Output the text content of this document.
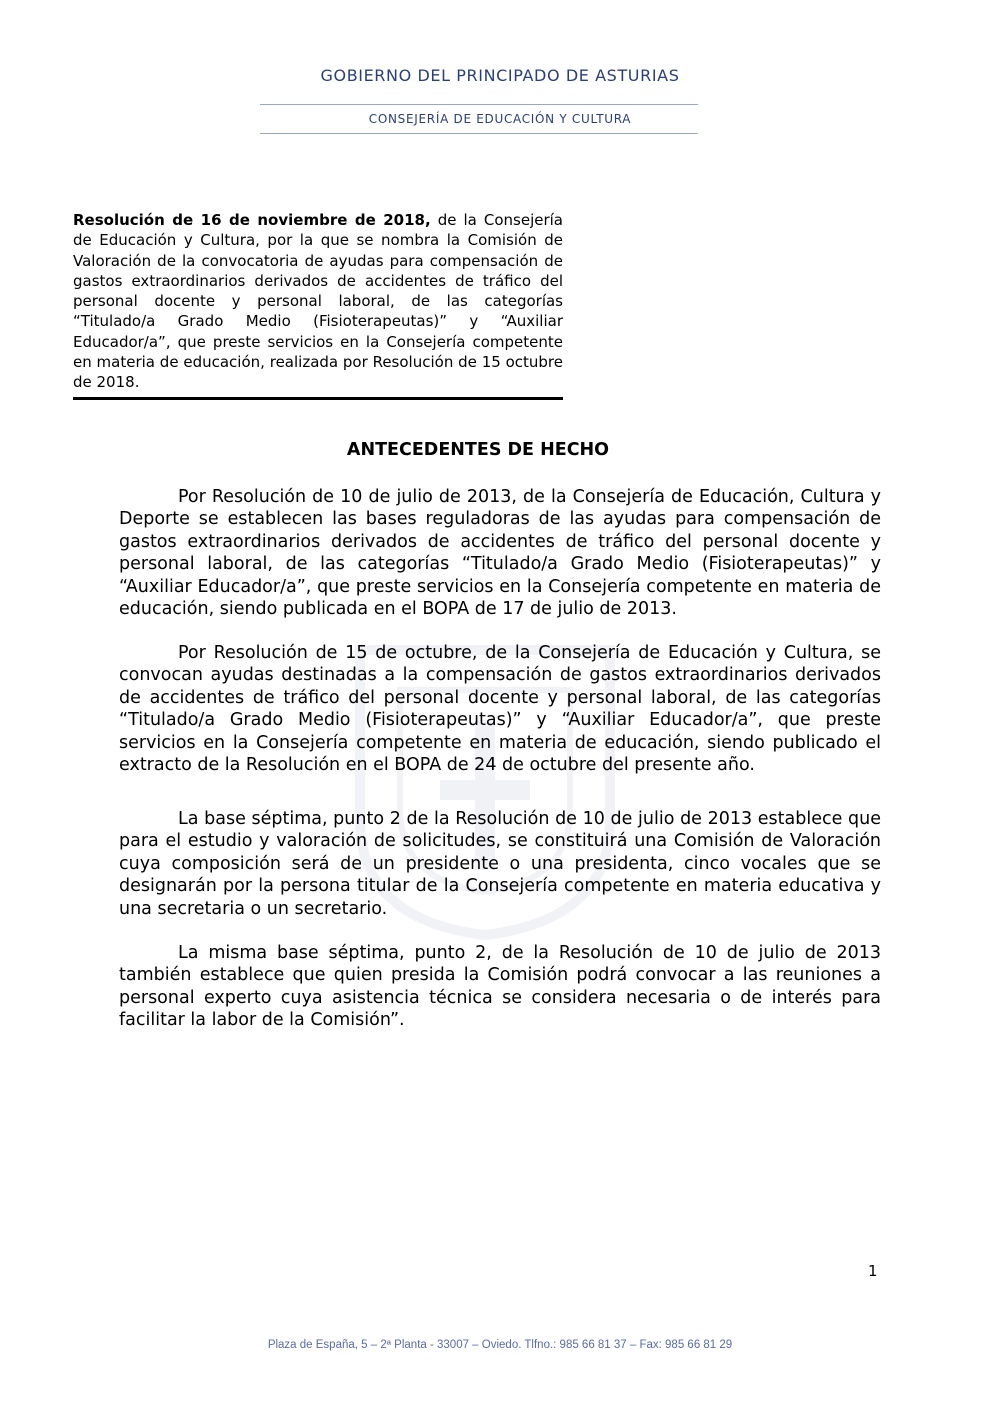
GOBIERNO DEL PRINCIPADO DE ASTURIAS
CONSEJERÍA DE EDUCACIÓN Y CULTURA
Resolución de 16 de noviembre de 2018, de la Consejería de Educación y Cultura, por la que se nombra la Comisión de Valoración de la convocatoria de ayudas para compensación de gastos extraordinarios derivados de accidentes de tráfico del personal docente y personal laboral, de las categorías “Titulado/a Grado Medio (Fisioterapeutas)” y “Auxiliar Educador/a”, que preste servicios en la Consejería competente en materia de educación, realizada por Resolución de 15 octubre de 2018.
ANTECEDENTES DE HECHO

Por Resolución de 10 de julio de 2013, de la Consejería de Educación, Cultura y Deporte se establecen las bases reguladoras de las ayudas para compensación de gastos extraordinarios derivados de accidentes de tráfico del personal docente y personal laboral, de las categorías “Titulado/a Grado Medio (Fisioterapeutas)” y “Auxiliar Educador/a”, que preste servicios en la Consejería competente en materia de educación, siendo publicada en el BOPA de 17 de julio de 2013.

Por Resolución de 15 de octubre, de la Consejería de Educación y Cultura, se convocan ayudas destinadas a la compensación de gastos extraordinarios derivados de accidentes de tráfico del personal docente y personal laboral, de las categorías “Titulado/a Grado Medio (Fisioterapeutas)” y “Auxiliar Educador/a”, que preste servicios en la Consejería competente en materia de educación, siendo publicado el extracto de la Resolución en el BOPA de 24 de octubre del presente año.

La base séptima, punto 2 de la Resolución de 10 de julio de 2013 establece que para el estudio y valoración de solicitudes, se constituirá una Comisión de Valoración cuya composición será de un presidente o una presidenta, cinco vocales que se designarán por la persona titular de la Consejería competente en materia educativa y una secretaria o un secretario.

La misma base séptima, punto 2, de la Resolución de 10 de julio de 2013 también establece que quien presida la Comisión podrá convocar a las reuniones a personal experto cuya asistencia técnica se considera necesaria o de interés para facilitar la labor de la Comisión”.

1
Plaza de España, 5 – 2ª Planta - 33007 – Oviedo. Tlfno.: 985 66 81 37 – Fax: 985 66 81 29
